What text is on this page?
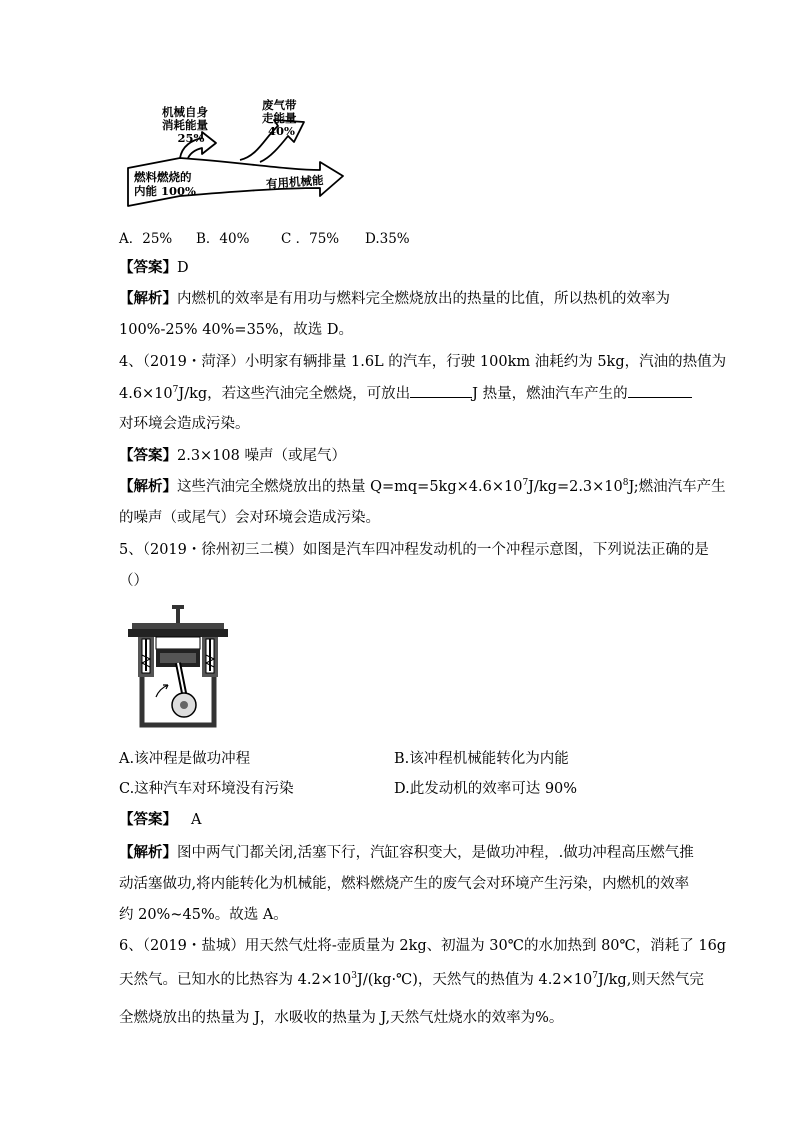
机械自身
消耗能量
25%
废气带
走能量
40%
燃料燃烧的
内能 100%
有用机械能
A．25% B．40% C ．75% D.35%
【答案】D
【解析】内燃机的效率是有用功与燃料完全燃烧放出的热量的比值，所以热机的效率为
100%-25% 40%=35%，故选 D。
4、（2019・菏泽）小明家有辆排量 1.6L 的汽车，行驶 100km 油耗约为 5kg，汽油的热值为
$4.6\times 10^7J/kg$，若这些汽油完全燃烧，可放出	J 热量，燃油汽车产生的
对环境会造成污染。
【答案】2.3×108 噪声（或尾气）
【解析】这些汽油完全燃烧放出的热量 $Q=mq=5kg\times 4.6\times 10^7J/kg=2.3\times 10^8J$;燃油汽车产生
的噪声（或尾气）会对环境会造成污染。
5、（2019・徐州初三二模）如图是汽车四冲程发动机的一个冲程示意图，下列说法正确的是
（）
A.该冲程是做功冲程	B.该冲程机械能转化为内能
C.这种汽车对环境没有污染	D.此发动机的效率可达 90%
【答案】 A
【解析】图中两气门都关闭,活塞下行，汽缸容积变大，是做功冲程，.做功冲程高压燃气推
动活塞做功,将内能转化为机械能，燃料燃烧产生的废气会对环境产生污染，内燃机的效率
约 20%~45%。故选 A。
6、（2019・盐城）用天然气灶将-壶质量为 2kg、初温为 30℃的水加热到 80℃，消耗了 16g
天然气。已知水的比热容为 $4.2\times 10^3J/(kg\cdot℃)$，天然气的热值为 $4.2\times 10^7J/kg$,则天然气完
全燃烧放出的热量为 J，水吸收的热量为 J,天然气灶烧水的效率为%。
